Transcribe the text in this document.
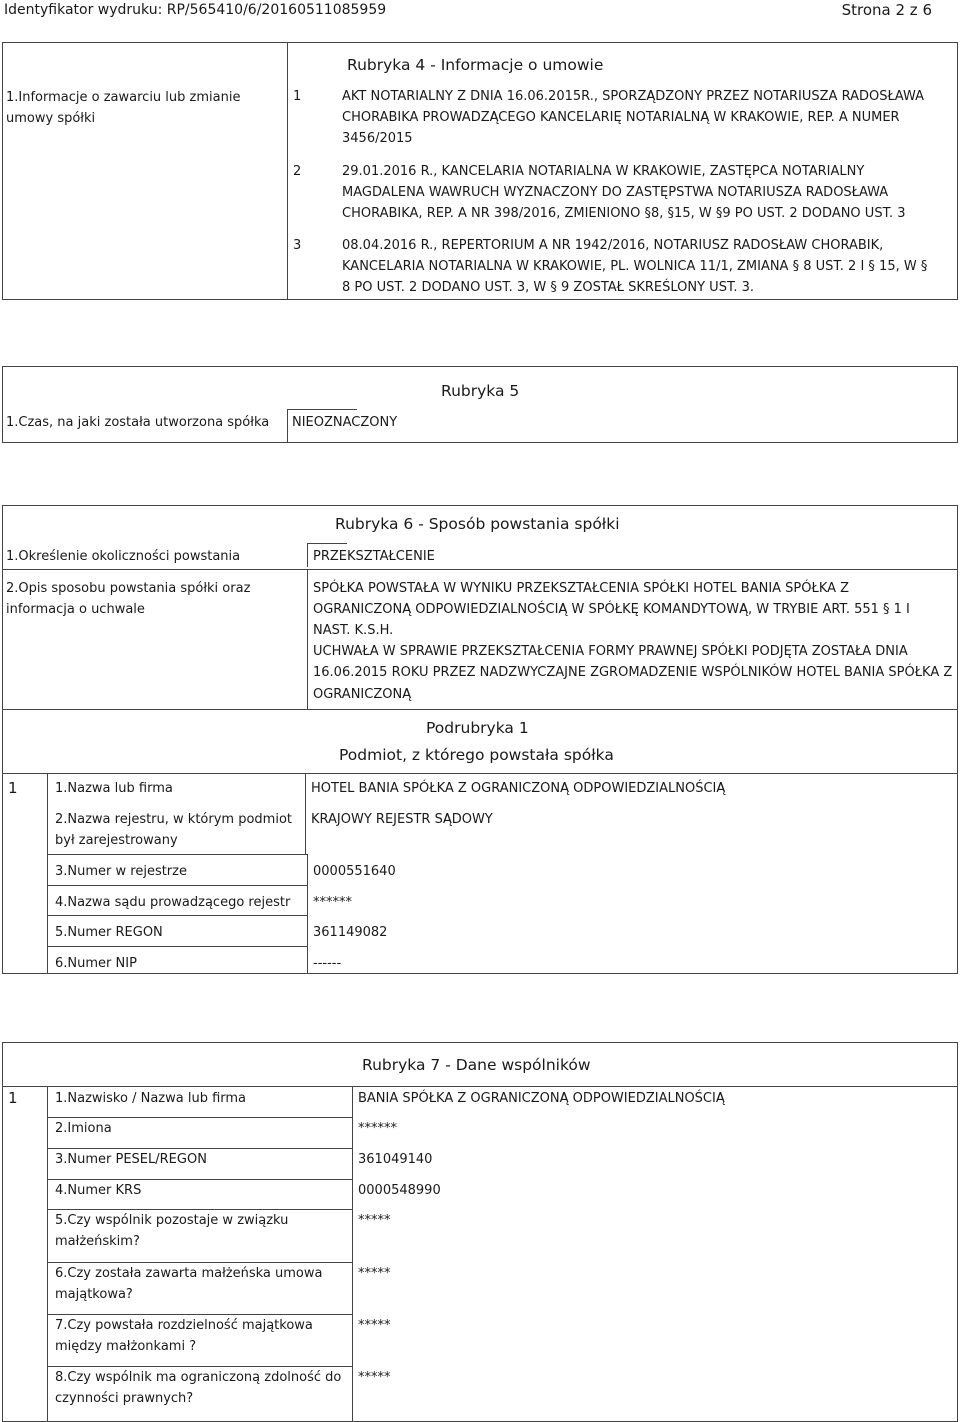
Identyfikator wydruku: RP/565410/6/20160511085959	Strona 2 z 6
Rubryka 4 - Informacje o umowie
1.Informacje o zawarciu lub zmianie
umowy spółki
1	AKT NOTARIALNY Z DNIA 16.06.2015R., SPORZĄDZONY PRZEZ NOTARIUSZA RADOSŁAWA
CHORABIKA PROWADZĄCEGO KANCELARIĘ NOTARIALNĄ W KRAKOWIE, REP. A NUMER
3456/2015
2	29.01.2016 R., KANCELARIA NOTARIALNA W KRAKOWIE, ZASTĘPCA NOTARIALNY
MAGDALENA WAWRUCH WYZNACZONY DO ZASTĘPSTWA NOTARIUSZA RADOSŁAWA
CHORABIKA, REP. A NR 398/2016, ZMIENIONO §8, §15, W §9 PO UST. 2 DODANO UST. 3
3	08.04.2016 R., REPERTORIUM A NR 1942/2016, NOTARIUSZ RADOSŁAW CHORABIK,
KANCELARIA NOTARIALNA W KRAKOWIE, PL. WOLNICA 11/1, ZMIANA § 8 UST. 2 I § 15, W §
8 PO UST. 2 DODANO UST. 3, W § 9 ZOSTAŁ SKREŚLONY UST. 3.
Rubryka 5
1.Czas, na jaki została utworzona spółka NIEOZNACZONY
Rubryka 6 - Sposób powstania spółki
1.Określenie okoliczności powstania	PRZEKSZTAŁCENIE
2.Opis sposobu powstania spółki oraz
informacja o uchwale
SPÓŁKA POWSTAŁA W WYNIKU PRZEKSZTAŁCENIA SPÓŁKI HOTEL BANIA SPÓŁKA Z
OGRANICZONĄ ODPOWIEDZIALNOŚCIĄ W SPÓŁKĘ KOMANDYTOWĄ, W TRYBIE ART. 551 § 1 I
NAST. K.S.H.
UCHWAŁA W SPRAWIE PRZEKSZTAŁCENIA FORMY PRAWNEJ SPÓŁKI PODJĘTA ZOSTAŁA DNIA
16.06.2015 ROKU PRZEZ NADZWYCZAJNE ZGROMADZENIE WSPÓLNIKÓW HOTEL BANIA SPÓŁKA Z
OGRANICZONĄ
Podrubryka 1
Podmiot, z którego powstała spółka
1	1.Nazwa lub firma	HOTEL BANIA SPÓŁKA Z OGRANICZONĄ ODPOWIEDZIALNOŚCIĄ
2.Nazwa rejestru, w którym podmiot
był zarejestrowany
KRAJOWY REJESTR SĄDOWY
3.Numer w rejestrze	0000551640
4.Nazwa sądu prowadzącego rejestr ******
5.Numer REGON	361149082
6.Numer NIP	------
Rubryka 7 - Dane wspólników
1	1.Nazwisko / Nazwa lub firma	BANIA SPÓŁKA Z OGRANICZONĄ ODPOWIEDZIALNOŚCIĄ
2.Imiona	******
3.Numer PESEL/REGON	361049140
4.Numer KRS	0000548990
5.Czy wspólnik pozostaje w związku
małżeńskim?
*****
6.Czy została zawarta małżeńska umowa
majątkowa?
*****
7.Czy powstała rozdzielność majątkowa
między małżonkami ?
*****
8.Czy wspólnik ma ograniczoną zdolność do
czynności prawnych?
*****
